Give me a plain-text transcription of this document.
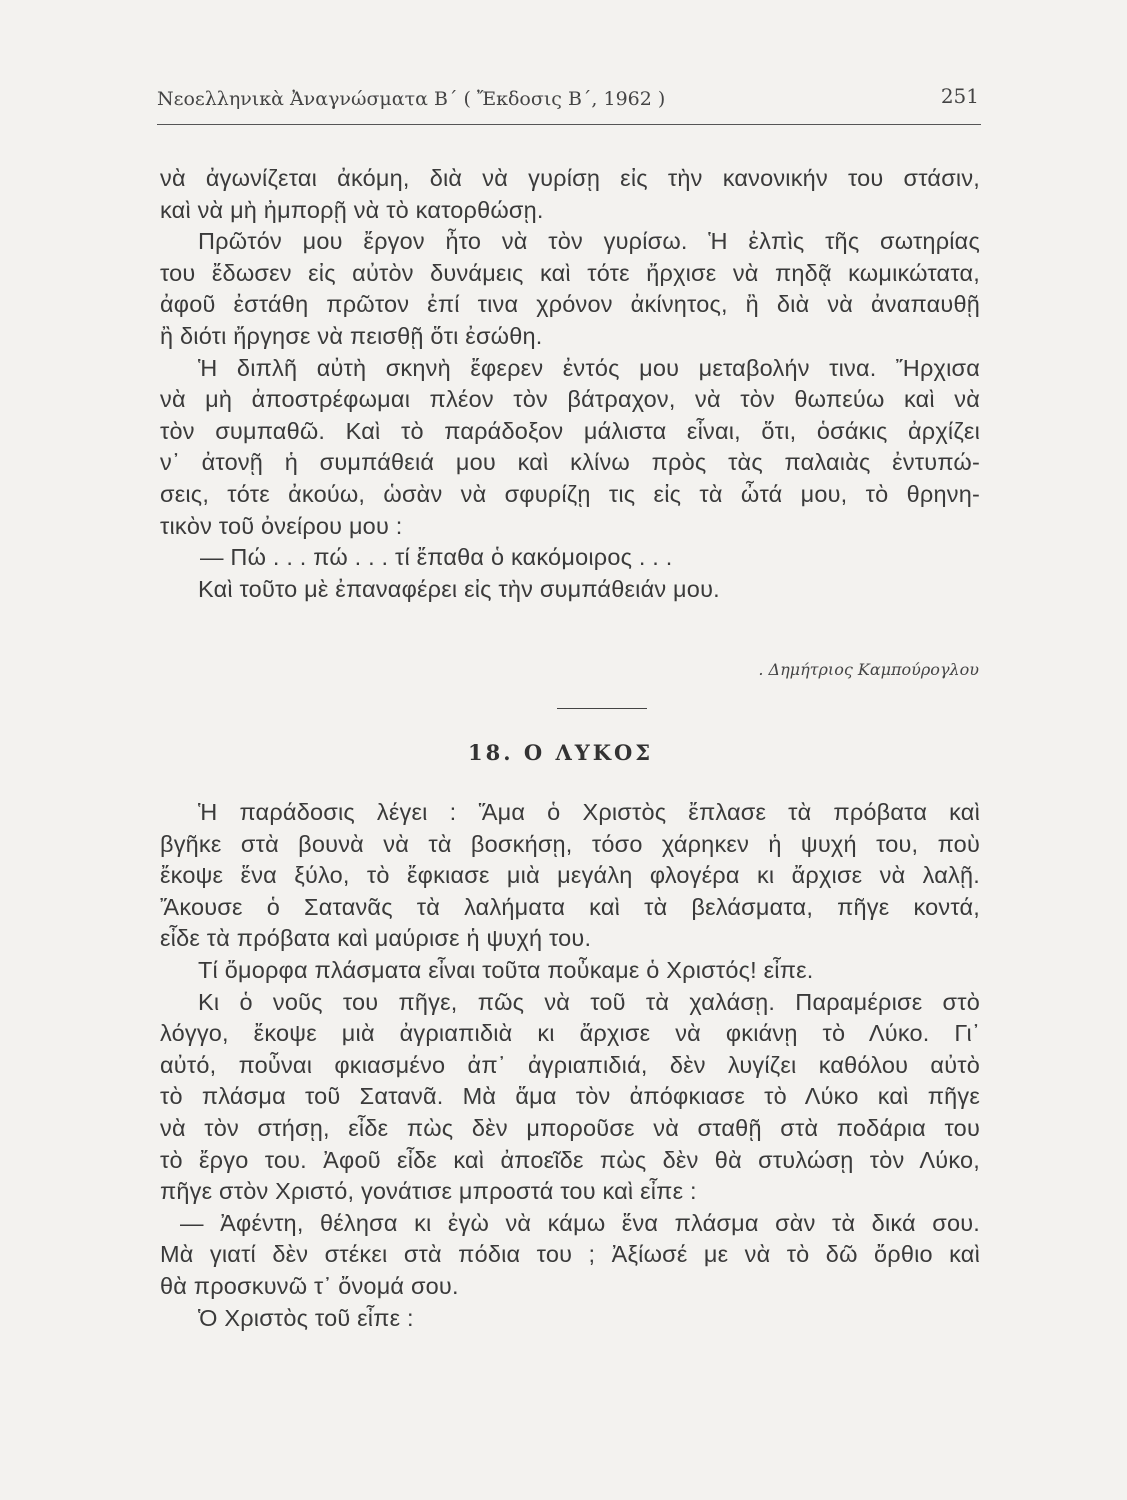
Νεοελληνικὰ Ἀναγνώσματα Β΄ ( Ἔκδοσις Β΄, 1962 )	251
νὰ ἀγωνίζεται ἀκόμη, διὰ νὰ γυρίσῃ εἰς τὴν κανονικήν του στάσιν,
καὶ νὰ μὴ ἠμπορῇ νὰ τὸ κατορθώσῃ.
Πρῶτόν μου ἔργον ἦτο νὰ τὸν γυρίσω. Ἡ ἐλπὶς τῆς σωτηρίας
του ἔδωσεν εἰς αὐτὸν δυνάμεις καὶ τότε ἤρχισε νὰ πηδᾷ κωμικώτατα,
ἀφοῦ ἐστάθη πρῶτον ἐπί τινα χρόνον ἀκίνητος, ἢ διὰ νὰ ἀναπαυθῇ
ἢ διότι ἤργησε νὰ πεισθῇ ὅτι ἐσώθη.
Ἡ διπλῆ αὐτὴ σκηνὴ ἔφερεν ἐντός μου μεταβολήν τινα. Ἤρχισα
νὰ μὴ ἀποστρέφωμαι πλέον τὸν βάτραχον, νὰ τὸν θωπεύω καὶ νὰ
τὸν συμπαθῶ. Καὶ τὸ παράδοξον μάλιστα εἶναι, ὅτι, ὁσάκις ἀρχίζει
ν᾿ ἀτονῇ ἡ συμπάθειά μου καὶ κλίνω πρὸς τὰς παλαιὰς ἐντυπώ-
σεις, τότε ἀκούω, ὡσὰν νὰ σφυρίζῃ τις εἰς τὰ ὦτά μου, τὸ θρηνη-
τικὸν τοῦ ὀνείρου μου :
— Πώ . . . πώ . . . τί ἔπαθα ὁ κακόμοιρος . . .
Καὶ τοῦτο μὲ ἐπαναφέρει εἰς τὴν συμπάθειάν μου.
. Δημήτριος Καμπούρογλου
18. Ο ΛΥΚΟΣ
Ἡ παράδοσις λέγει : Ἅμα ὁ Χριστὸς ἔπλασε τὰ πρόβατα καὶ
βγῆκε στὰ βουνὰ νὰ τὰ βοσκήσῃ, τόσο χάρηκεν ἡ ψυχή του, ποὺ
ἔκοψε ἕνα ξύλο, τὸ ἔφκιασε μιὰ μεγάλη φλογέρα κι ἄρχισε νὰ λαλῇ.
Ἄκουσε ὁ Σατανᾶς τὰ λαλήματα καὶ τὰ βελάσματα, πῆγε κοντά,
εἶδε τὰ πρόβατα καὶ μαύρισε ἡ ψυχή του.
Τί ὄμορφα πλάσματα εἶναι τοῦτα ποὖκαμε ὁ Χριστός! εἶπε.
Κι ὁ νοῦς του πῆγε, πῶς νὰ τοῦ τὰ χαλάσῃ. Παραμέρισε στὸ
λόγγο, ἔκοψε μιὰ ἀγριαπιδιὰ κι ἄρχισε νὰ φκιάνῃ τὸ Λύκο. Γι᾿
αὐτό, ποὖναι φκιασμένο ἀπ᾿ ἀγριαπιδιά, δὲν λυγίζει καθόλου αὐτὸ
τὸ πλάσμα τοῦ Σατανᾶ. Μὰ ἅμα τὸν ἀπόφκιασε τὸ Λύκο καὶ πῆγε
νὰ τὸν στήσῃ, εἶδε πὼς δὲν μποροῦσε νὰ σταθῇ στὰ ποδάρια του
τὸ ἔργο του. Ἀφοῦ εἶδε καὶ ἀποεῖδε πὼς δὲν θὰ στυλώσῃ τὸν Λύκο,
πῆγε στὸν Χριστό, γονάτισε μπροστά του καὶ εἶπε :
— Ἀφέντη, θέλησα κι ἐγὼ νὰ κάμω ἕνα πλάσμα σὰν τὰ δικά σου.
Μὰ γιατί δὲν στέκει στὰ πόδια του ; Ἀξίωσέ με νὰ τὸ δῶ ὄρθιο καὶ
θὰ προσκυνῶ τ᾿ ὄνομά σου.
Ὁ Χριστὸς τοῦ εἶπε :
